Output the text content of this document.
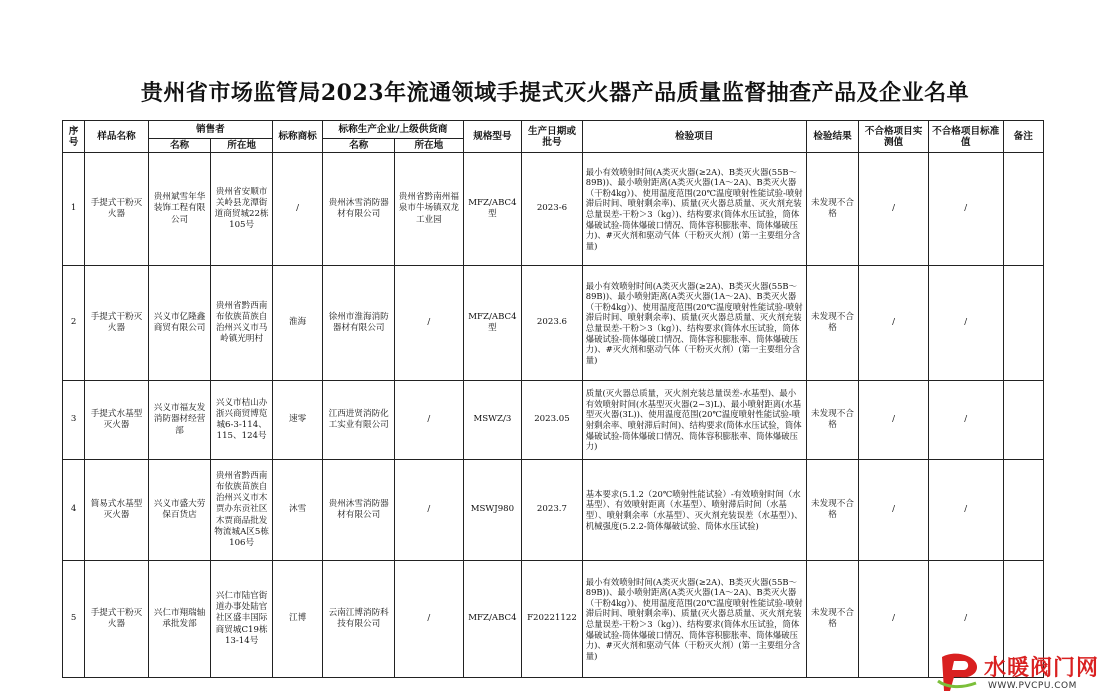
贵州省市场监管局2023年流通领域手提式灭火器产品质量监督抽查产品及企业名单
序号	样品名称	销售者		标称商标	标称生产企业/上级供货商		规格型号	生产日期或批号	检验项目	检验结果	不合格项目实测值	不合格项目标准值	备注
		名称	所在地		名称	所在地							
1	手提式干粉灭火器	贵州斌雪年华装饰工程有限公司	贵州省安顺市关岭县龙潭街道商贸城22栋105号	/	贵州沐雪消防器材有限公司	贵州省黔南州福泉市牛场镇双龙工业园	MFZ/ABC4型	2023-6	最小有效喷射时间(A类灭火器(≥2A)、B类灭火器(55B～89B))、最小喷射距离(A类灭火器(1A～2A)、B类灭火器（干粉4kg）)、使用温度范围(20℃温度喷射性能试验-喷射滞后时间、喷射剩余率)、质量(灭火器总质量、灭火剂充装总量误差-干粉＞3（kg）)、结构要求(筒体水压试验，筒体爆破试验-筒体爆破口情况、筒体容积膨胀率、筒体爆破压力)、#灭火剂和驱动气体（干粉灭火剂）(第一主要组分含量)	未发现不合格	/	/	
2	手提式干粉灭火器	兴义市亿隆鑫商贸有限公司	贵州省黔西南布依族苗族自治州兴义市马岭镇光明村	淮海	徐州市淮海消防器材有限公司	/	MFZ/ABC4型	2023.6	最小有效喷射时间(A类灭火器(≥2A)、B类灭火器(55B～89B))、最小喷射距离(A类灭火器(1A～2A)、B类灭火器（干粉4kg）)、使用温度范围(20℃温度喷射性能试验-喷射滞后时间、喷射剩余率)、质量(灭火器总质量、灭火剂充装总量误差-干粉＞3（kg）)、结构要求(筒体水压试验，筒体爆破试验-筒体爆破口情况、筒体容积膨胀率、筒体爆破压力)、#灭火剂和驱动气体（干粉灭火剂）(第一主要组分含量)	未发现不合格	/	/	
3	手提式水基型灭火器	兴义市福友发消防器材经营部	兴义市桔山办浙兴商贸博览城6-3-114、115、124号	速零	江西进贤消防化工实业有限公司	/	MSWZ/3	2023.05	质量(灭火器总质量，灭火剂充装总量误差-水基型)、最小有效喷射时间(水基型灭火器(2~3)L)、最小喷射距离(水基型灭火器(3L))、使用温度范围(20℃温度喷射性能试验-喷射剩余率、喷射滞后时间)、结构要求(筒体水压试验，筒体爆破试验-筒体爆破口情况、筒体容积膨胀率、筒体爆破压力)	未发现不合格	/	/	
4	简易式水基型灭火器	兴义市盛大劳保百货店	贵州省黔西南布依族苗族自治州兴义市木贾办东贡社区木贾商品批发物流城A区5栋106号	沐雪	贵州沐雪消防器材有限公司	/	MSWJ980	2023.7	基本要求(5.1.2（20℃喷射性能试验）-有效喷射时间（水基型）、有效喷射距离（水基型）、喷射滞后时间（水基型）、喷射剩余率（水基型）、灭火剂充装误差（水基型）)、机械强度(5.2.2-筒体爆破试验、筒体水压试验)	未发现不合格	/	/	
5	手提式干粉灭火器	兴仁市翔瑞轴承批发部	兴仁市陆官街道办事处陆官社区盛丰国际商贸城C19栋13-14号	江博	云南江博消防科技有限公司	/	MFZ/ABC4	F20221122	最小有效喷射时间(A类灭火器(≥2A)、B类灭火器(55B～89B))、最小喷射距离(A类灭火器(1A～2A)、B类灭火器（干粉4kg）)、使用温度范围(20℃温度喷射性能试验-喷射滞后时间、喷射剩余率)、质量(灭火器总质量、灭火剂充装总量误差-干粉＞3（kg）)、结构要求(筒体水压试验，筒体爆破试验-筒体爆破口情况、筒体容积膨胀率、筒体爆破压力)、#灭火剂和驱动气体（干粉灭火剂）(第一主要组分含量)	未发现不合格	/	/	
水暖阀门网
WWW.PVCPU.COM
